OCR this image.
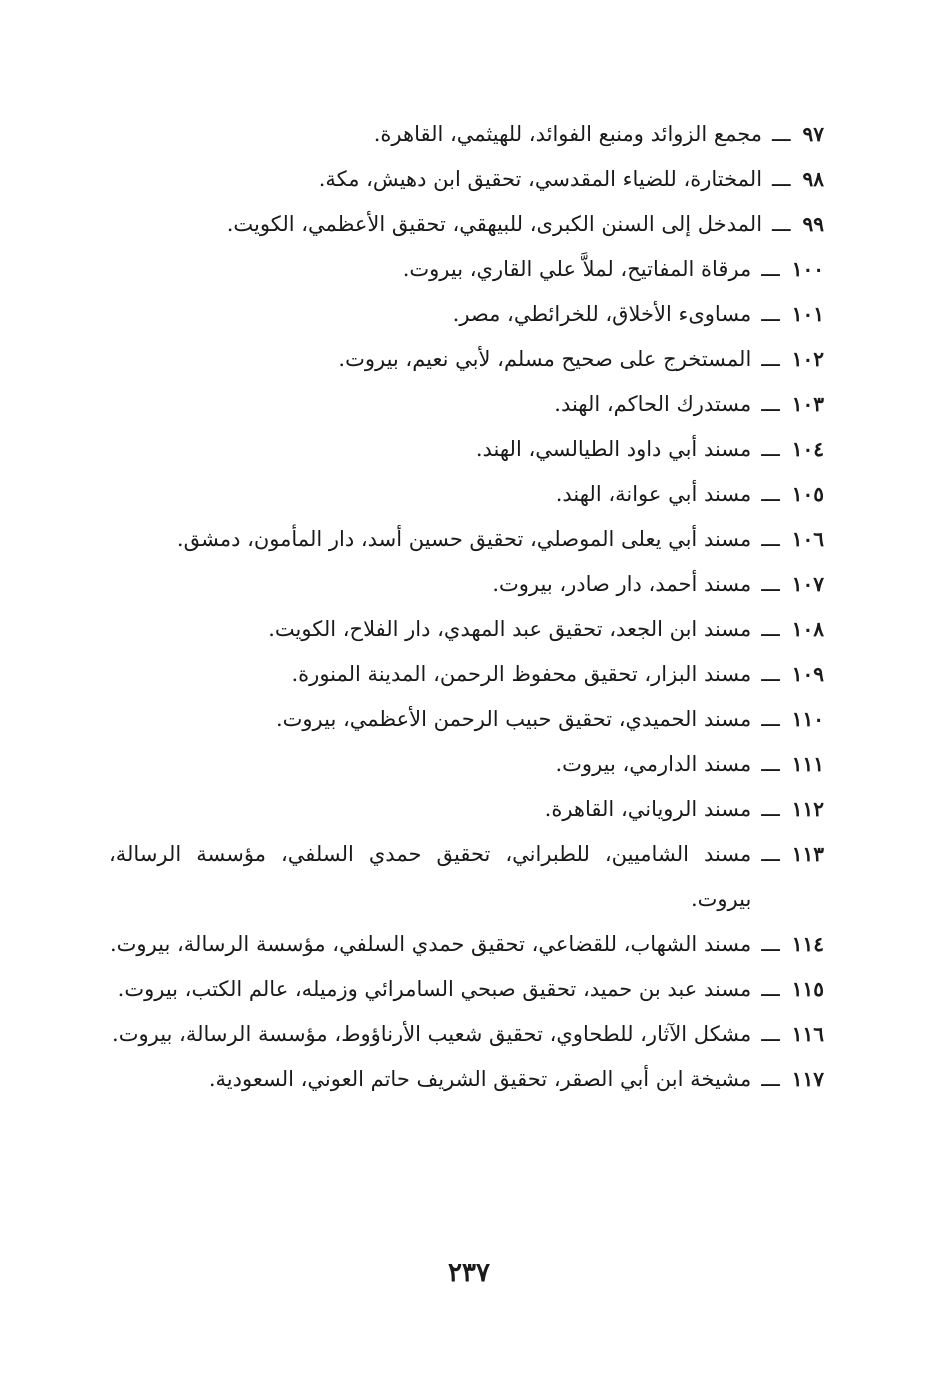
٩٧
ـــ
مجمع الزوائد ومنبع الفوائد، للهيثمي، القاهرة.
٩٨
ـــ
المختارة، للضياء المقدسي، تحقيق ابن دهيش، مكة.
٩٩
ـــ
المدخل إلى السنن الكبرى، للبيهقي، تحقيق الأعظمي، الكويت.
١٠٠
ـــ
مرقاة المفاتيح، لملاَّ علي القاري، بيروت.
١٠١
ـــ
مساوىء الأخلاق، للخرائطي، مصر.
١٠٢
ـــ
المستخرج على صحيح مسلم، لأبي نعيم، بيروت.
١٠٣
ـــ
مستدرك الحاكم، الهند.
١٠٤
ـــ
مسند أبي داود الطيالسي، الهند.
١٠٥
ـــ
مسند أبي عوانة، الهند.
١٠٦
ـــ
مسند أبي يعلى الموصلي، تحقيق حسين أسد، دار المأمون، دمشق.
١٠٧
ـــ
مسند أحمد، دار صادر، بيروت.
١٠٨
ـــ
مسند ابن الجعد، تحقيق عبد المهدي، دار الفلاح، الكويت.
١٠٩
ـــ
مسند البزار، تحقيق محفوظ الرحمن، المدينة المنورة.
١١٠
ـــ
مسند الحميدي، تحقيق حبيب الرحمن الأعظمي، بيروت.
١١١
ـــ
مسند الدارمي، بيروت.
١١٢
ـــ
مسند الروياني، القاهرة.
١١٣
ـــ
مسند الشاميين، للطبراني، تحقيق حمدي السلفي، مؤسسة الرسالة، بيروت.
١١٤
ـــ
مسند الشهاب، للقضاعي، تحقيق حمدي السلفي، مؤسسة الرسالة، بيروت.
١١٥
ـــ
مسند عبد بن حميد، تحقيق صبحي السامرائي وزميله، عالم الكتب، بيروت.
١١٦
ـــ
مشكل الآثار، للطحاوي، تحقيق شعيب الأرناؤوط، مؤسسة الرسالة، بيروت.
١١٧
ـــ
مشيخة ابن أبي الصقر، تحقيق الشريف حاتم العوني، السعودية.
٢٣٧
